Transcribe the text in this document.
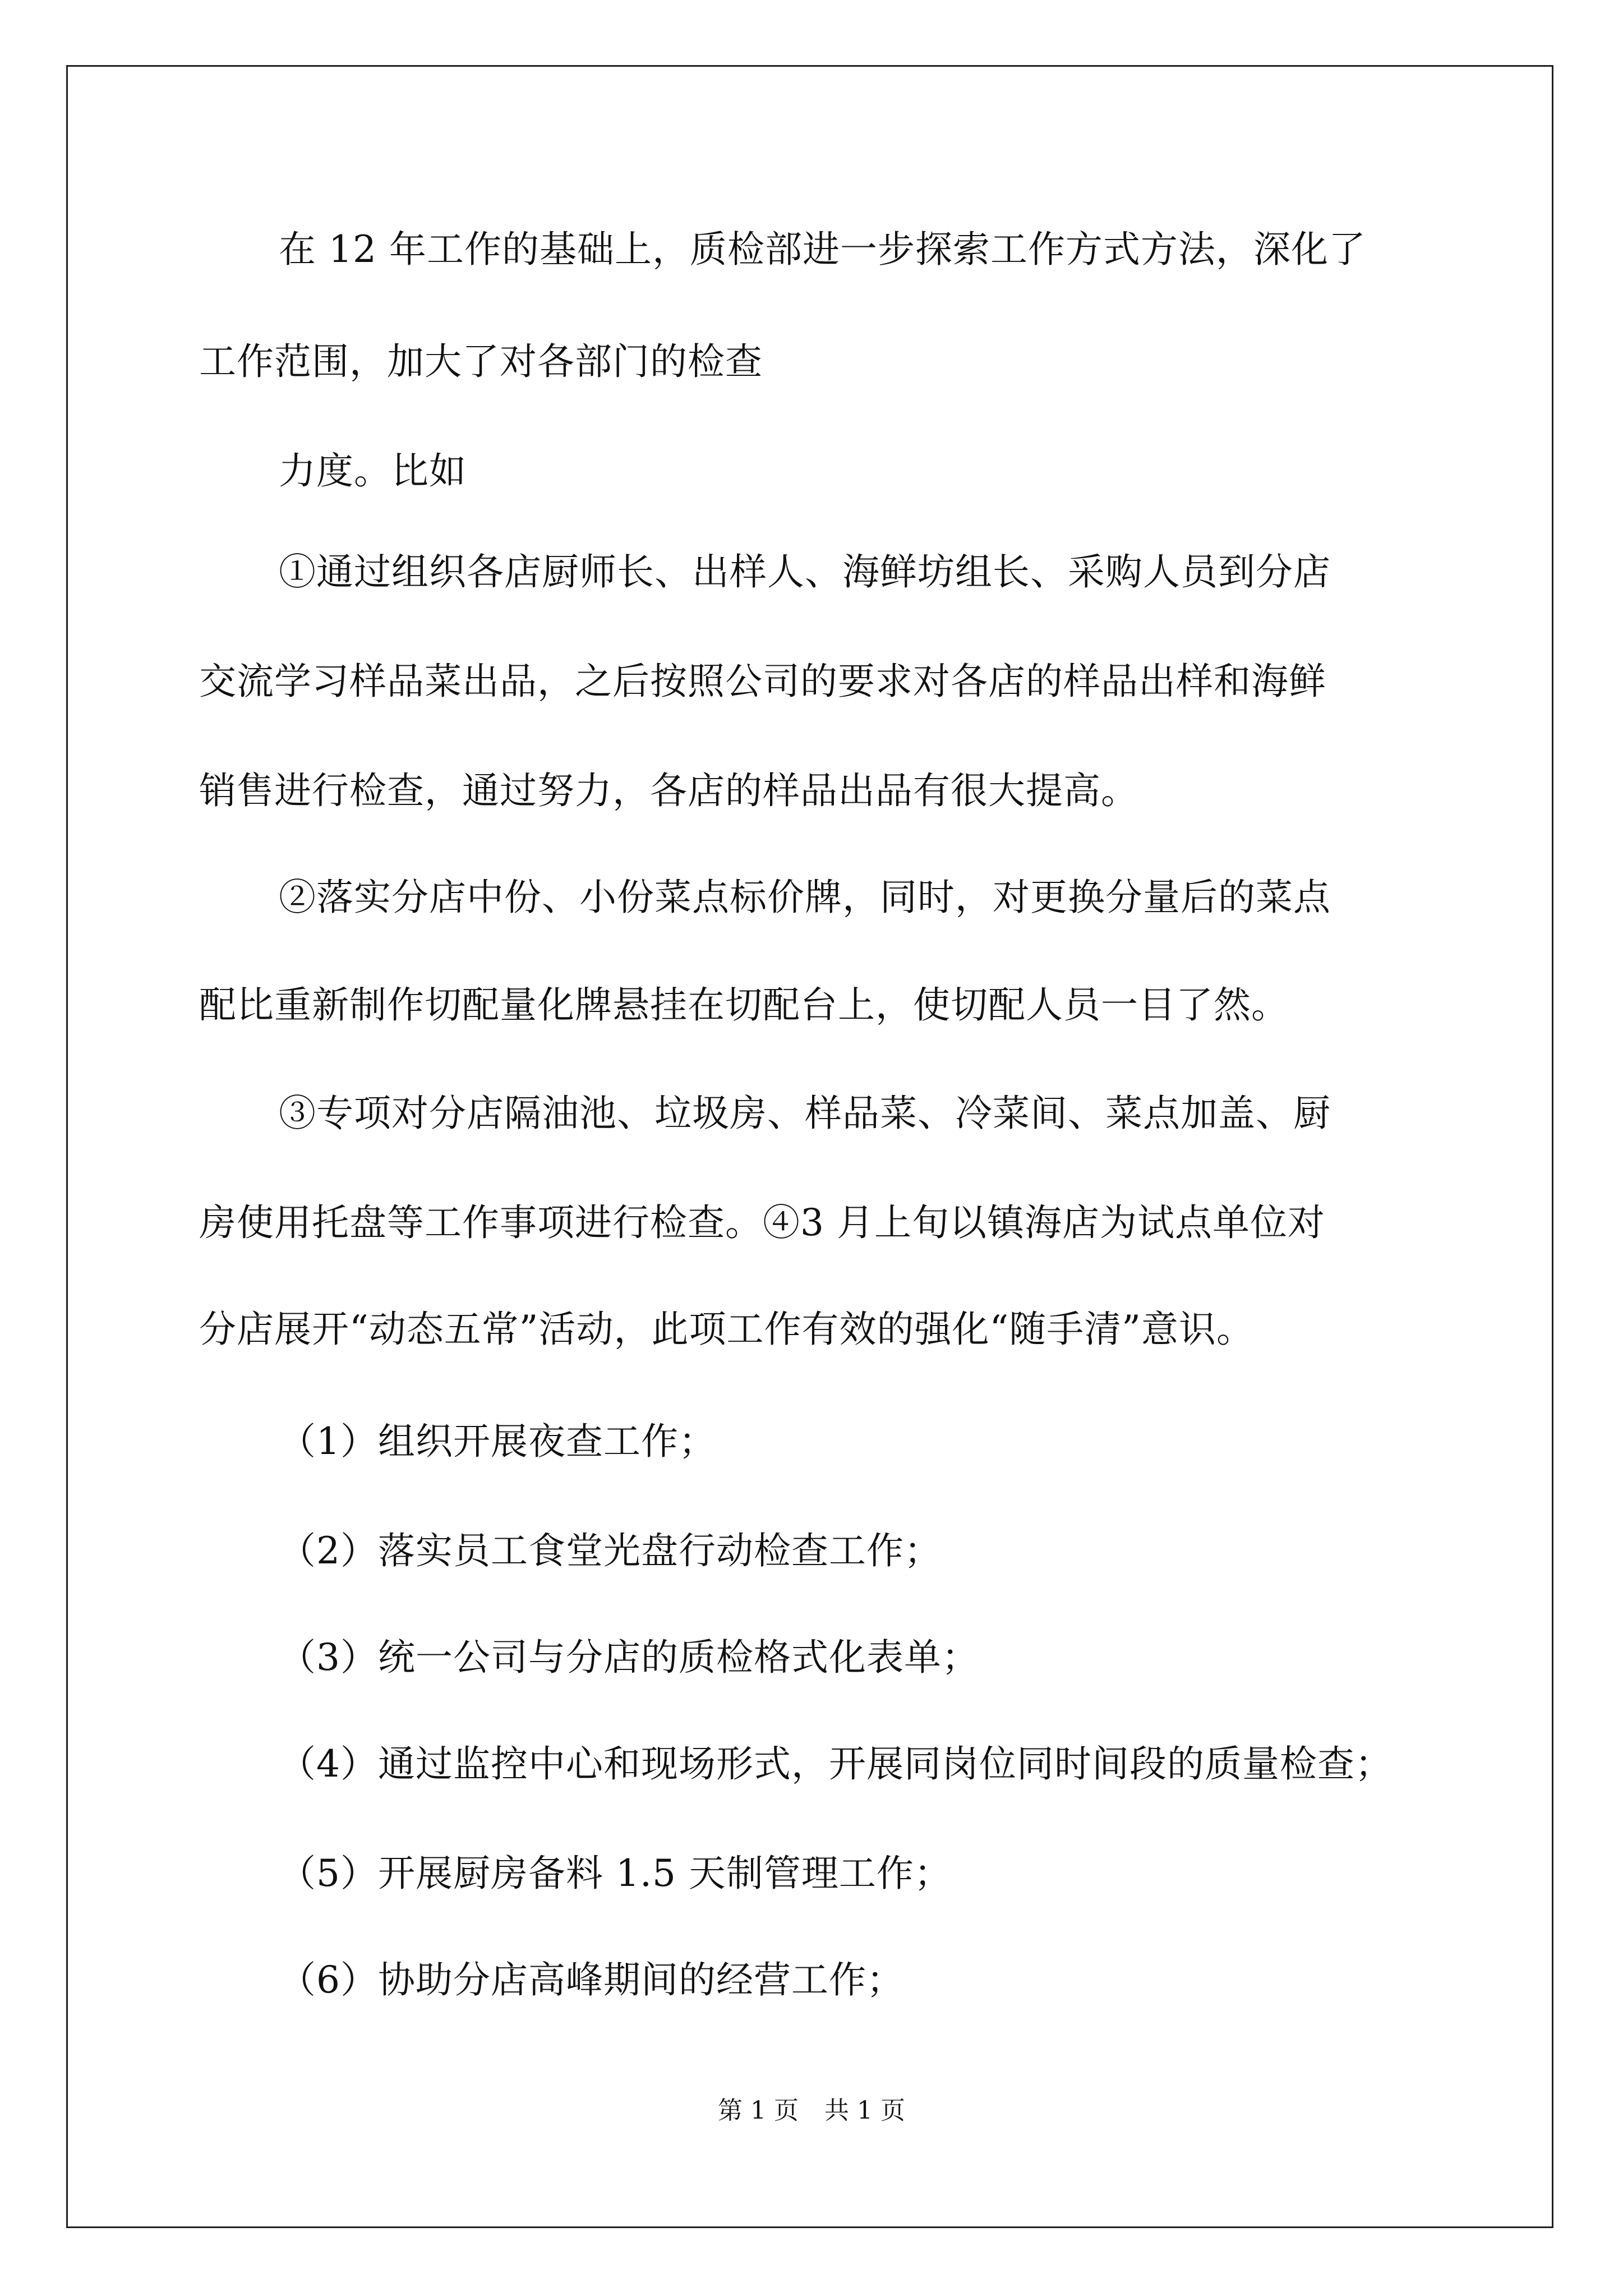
在 12 年工作的基础上，质检部进一步探索工作方式方法，深化了
工作范围，加大了对各部门的检查
力度。比如
①通过组织各店厨师长、出样人、海鲜坊组长、采购人员到分店
交流学习样品菜出品，之后按照公司的要求对各店的样品出样和海鲜
销售进行检查，通过努力，各店的样品出品有很大提高。
②落实分店中份、小份菜点标价牌，同时，对更换分量后的菜点
配比重新制作切配量化牌悬挂在切配台上，使切配人员一目了然。
③专项对分店隔油池、垃圾房、样品菜、冷菜间、菜点加盖、厨
房使用托盘等工作事项进行检查。④3 月上旬以镇海店为试点单位对
分店展开“动态五常”活动，此项工作有效的强化“随手清”意识。
（1）组织开展夜查工作；
（2）落实员工食堂光盘行动检查工作；
（3）统一公司与分店的质检格式化表单；
（4）通过监控中心和现场形式，开展同岗位同时间段的质量检查；
（5）开展厨房备料 1.5 天制管理工作；
（6）协助分店高峰期间的经营工作；
第 1 页 共 1 页
